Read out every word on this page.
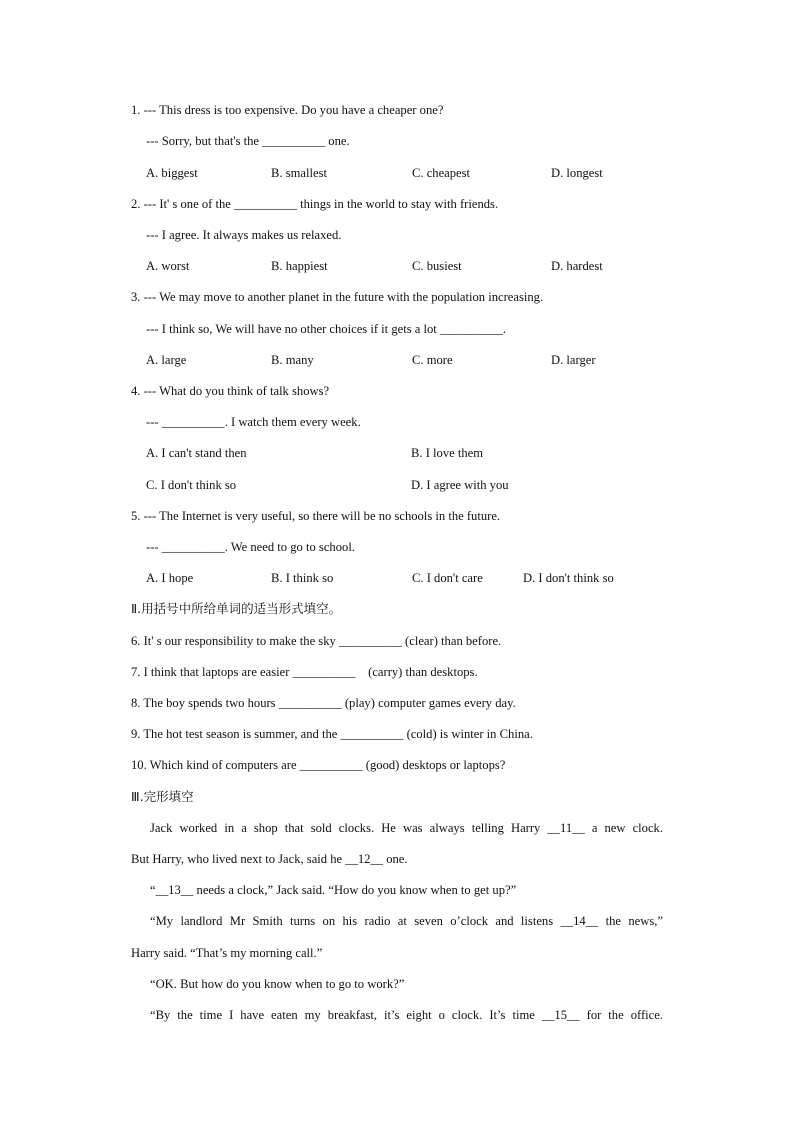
1. --- This dress is too expensive. Do you have a cheaper one?
--- Sorry, but that's the __________ one.
A. biggest	B. smallest	C. cheapest	D. longest
2. --- It' s one of the __________ things in the world to stay with friends.
--- I agree. It always makes us relaxed.
A. worst	B. happiest	C. busiest	D. hardest
3. --- We may move to another planet in the future with the population increasing.
--- I think so, We will have no other choices if it gets a lot __________.
A. large	B. many	C. more	D. larger
4. --- What do you think of talk shows?
--- __________. I watch them every week.
A. I can't stand then	B. I love them
C. I don't think so	D. I agree with you
5. --- The Internet is very useful, so there will be no schools in the future.
--- __________. We need to go to school.
A. I hope	B. I think so	C. I don't care	D. I don't think so
Ⅱ.用括号中所给单词的适当形式填空。
6. It' s our responsibility to make the sky __________ (clear) than before.
7. I think that laptops are easier __________    (carry) than desktops.
8. The boy spends two hours __________ (play) computer games every day.
9. The hot test season is summer, and the __________ (cold) is winter in China.
10. Which kind of computers are __________ (good) desktops or laptops?
Ⅲ.完形填空
Jack worked in a shop that sold clocks. He was always telling Harry __11__ a new clock.
But Harry, who lived next to Jack, said he __12__ one.
“__13__ needs a clock,” Jack said. “How do you know when to get up?”
“My landlord Mr Smith turns on his radio at seven o’clock and listens __14__ the news,”
Harry said. “That’s my morning call.”
“OK. But how do you know when to go to work?”
“By the time I have eaten my breakfast, it’s eight o clock. It’s time __15__ for the office.
